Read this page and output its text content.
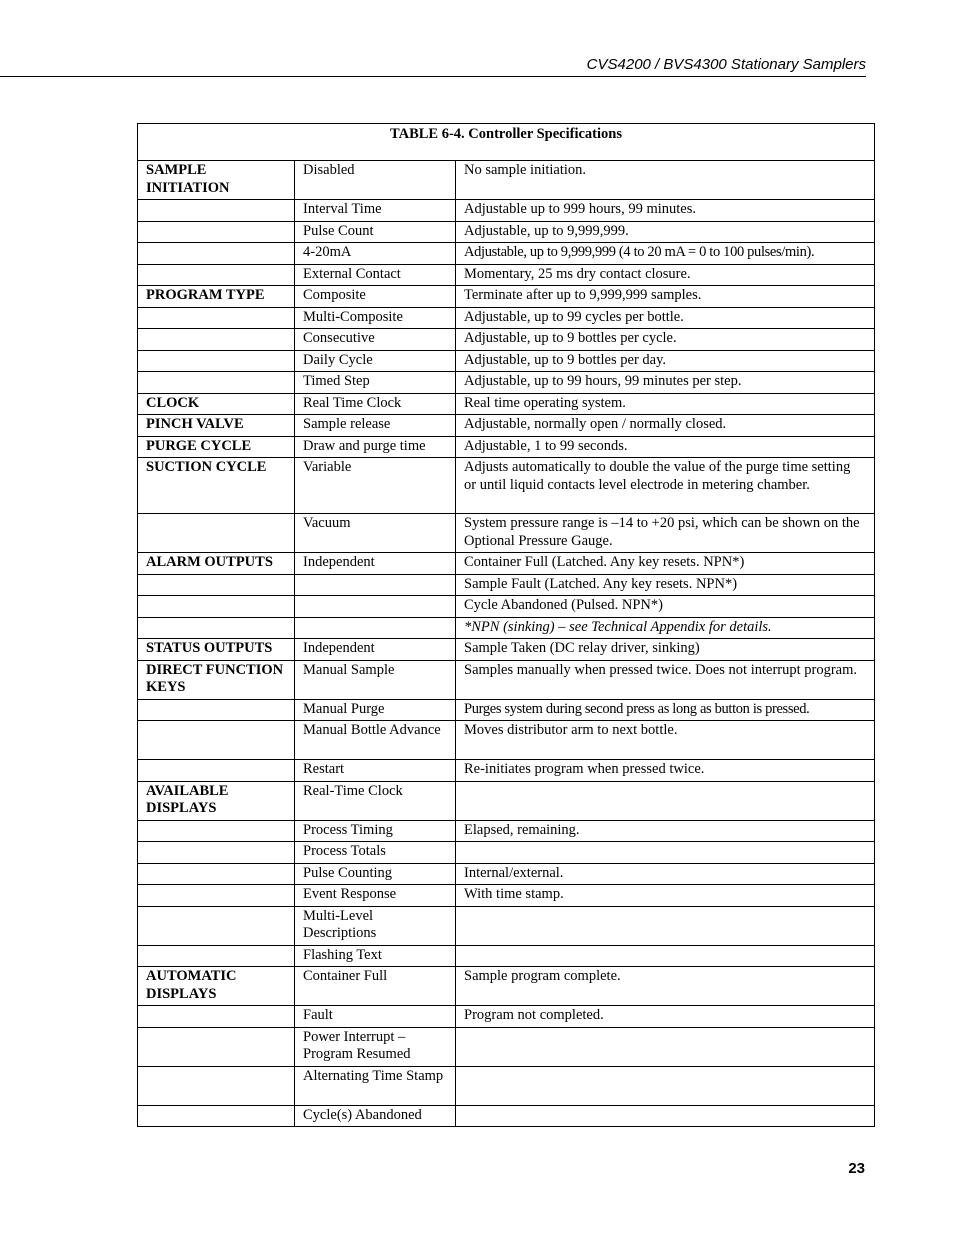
CVS4200 / BVS4300 Stationary Samplers
TABLE 6-4. Controller Specifications		
SAMPLE INITIATION	Disabled	No sample initiation.
	Interval Time	Adjustable up to 999 hours, 99 minutes.
	Pulse Count	Adjustable, up to 9,999,999.
	4-20mA	Adjustable, up to 9,999,999 (4 to 20 mA = 0 to 100 pulses/min).
	External Contact	Momentary, 25 ms dry contact closure.
PROGRAM TYPE	Composite	Terminate after up to 9,999,999 samples.
	Multi-Composite	Adjustable, up to 99 cycles per bottle.
	Consecutive	Adjustable, up to 9 bottles per cycle.
	Daily Cycle	Adjustable, up to 9 bottles per day.
	Timed Step	Adjustable, up to 99 hours, 99 minutes per step.
CLOCK	Real Time Clock	Real time operating system.
PINCH VALVE	Sample release	Adjustable, normally open / normally closed.
PURGE CYCLE	Draw and purge time	Adjustable, 1 to 99 seconds.
SUCTION CYCLE	Variable	Adjusts automatically to double the value of the purge time setting or until liquid contacts level electrode in metering chamber.
	Vacuum	System pressure range is –14 to +20 psi, which can be shown on the Optional Pressure Gauge.
ALARM OUTPUTS	Independent	Container Full (Latched. Any key resets. NPN*)
		Sample Fault (Latched. Any key resets. NPN*)
		Cycle Abandoned (Pulsed. NPN*)
		*NPN (sinking) – see Technical Appendix for details.
STATUS OUTPUTS	Independent	Sample Taken (DC relay driver, sinking)
DIRECT FUNCTION KEYS	Manual Sample	Samples manually when pressed twice. Does not interrupt program.
	Manual Purge	Purges system during second press as long as button is pressed.
	Manual Bottle Advance	Moves distributor arm to next bottle.
	Restart	Re-initiates program when pressed twice.
AVAILABLE DISPLAYS	Real-Time Clock	
	Process Timing	Elapsed, remaining.
	Process Totals	
	Pulse Counting	Internal/external.
	Event Response	With time stamp.
	Multi-Level Descriptions	
	Flashing Text	
AUTOMATIC DISPLAYS	Container Full	Sample program complete.
	Fault	Program not completed.
	Power Interrupt – Program Resumed	
	Alternating Time Stamp	
	Cycle(s) Abandoned	
23
